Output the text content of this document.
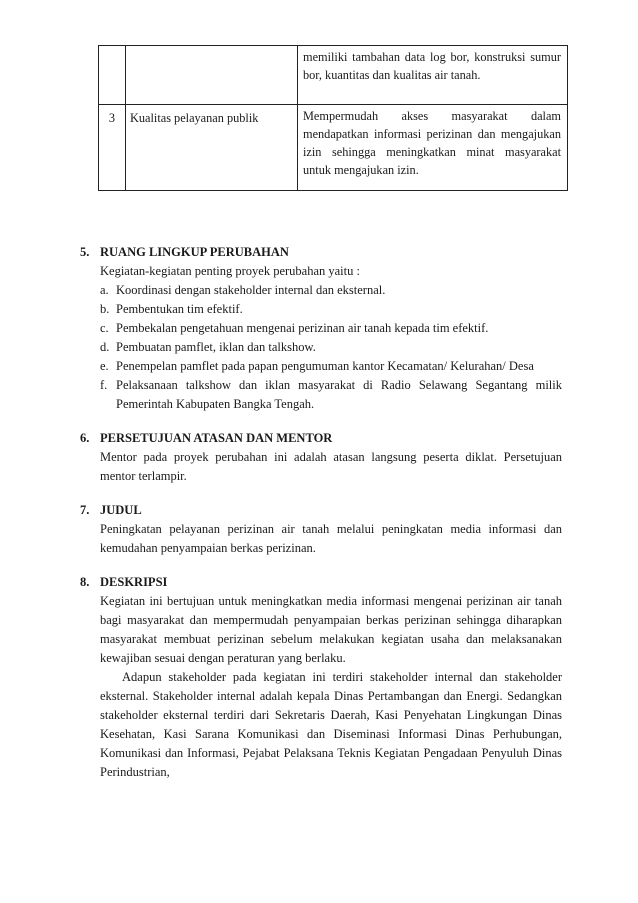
		memiliki tambahan data log bor, konstruksi sumur bor, kuantitas dan kualitas air tanah.

3	Kualitas pelayanan publik	Mempermudah akses masyarakat dalam mendapatkan informasi perizinan dan mengajukan izin sehingga meningkatkan minat masyarakat untuk mengajukan izin.
5. RUANG LINGKUP PERUBAHAN
Kegiatan-kegiatan penting proyek perubahan yaitu :
a. Koordinasi dengan stakeholder internal dan eksternal.
b. Pembentukan tim efektif.
c. Pembekalan pengetahuan mengenai perizinan air tanah kepada tim efektif.
d. Pembuatan pamflet, iklan dan talkshow.
e. Penempelan pamflet pada papan pengumuman kantor Kecamatan/ Kelurahan/ Desa
f. Pelaksanaan talkshow dan iklan masyarakat di Radio Selawang Segantang milik Pemerintah Kabupaten Bangka Tengah.
6. PERSETUJUAN ATASAN DAN MENTOR
Mentor pada proyek perubahan ini adalah atasan langsung peserta diklat. Persetujuan mentor terlampir.
7. JUDUL
Peningkatan pelayanan perizinan air tanah melalui peningkatan media informasi dan kemudahan penyampaian berkas perizinan.
8. DESKRIPSI
Kegiatan ini bertujuan untuk meningkatkan media informasi mengenai perizinan air tanah bagi masyarakat dan mempermudah penyampaian berkas perizinan sehingga diharapkan masyarakat membuat perizinan sebelum melakukan kegiatan usaha dan melaksanakan kewajiban sesuai dengan peraturan yang berlaku.
Adapun stakeholder pada kegiatan ini terdiri stakeholder internal dan stakeholder eksternal. Stakeholder internal adalah kepala Dinas Pertambangan dan Energi. Sedangkan stakeholder eksternal terdiri dari Sekretaris Daerah, Kasi Penyehatan Lingkungan Dinas Kesehatan, Kasi Sarana Komunikasi dan Diseminasi Informasi Dinas Perhubungan, Komunikasi dan Informasi, Pejabat Pelaksana Teknis Kegiatan Pengadaan Penyuluh Dinas Perindustrian,
